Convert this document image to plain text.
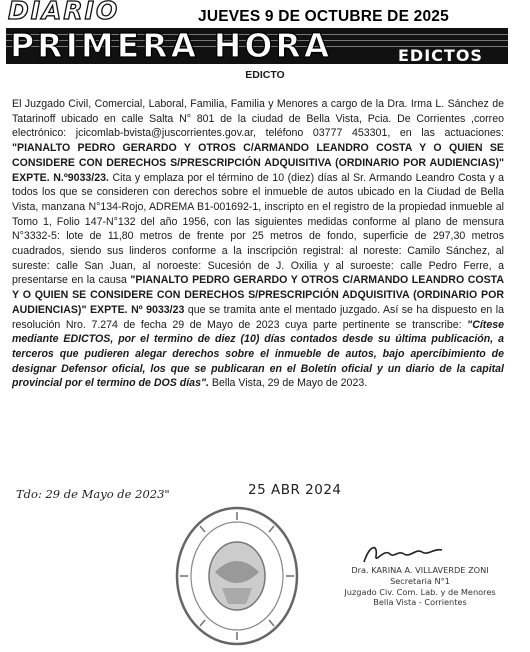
DIARIO	JUEVES 9 DE OCTUBRE DE 2025
PRIMERA HORA	EDICTOS
EDICTO
El Juzgado Civil, Comercial, Laboral, Familia, Familia y Menores a cargo de la Dra. Irma L. Sánchez de Tatarinoff ubicado en calle Salta N° 801 de la ciudad de Bella Vista, Pcia. De Corrientes ,correo electrónico: jcicomlab-bvista@juscorrientes.gov.ar, teléfono 03777 453301, en las actuaciones: "PIANALTO PEDRO GERARDO Y OTROS C/ARMANDO LEANDRO COSTA Y O QUIEN SE CONSIDERE CON DERECHOS S/PRESCRIPCIÓN ADQUISITIVA (ORDINARIO POR AUDIENCIAS)" EXPTE. N.º9033/23. Cita y emplaza por el término de 10 (diez) días al Sr. Armando Leandro Costa y a todos los que se consideren con derechos sobre el inmueble de autos ubicado en la Ciudad de Bella Vista, manzana N°134-Rojo, ADREMA B1-001692-1, inscripto en el registro de la propiedad inmueble al Tomo 1, Folio 147-N°132 del año 1956, con las siguientes medidas conforme al plano de mensura N°3332-5: lote de 11,80 metros de frente por 25 metros de fondo, superficie de 297,30 metros cuadrados, siendo sus linderos conforme a la inscripción registral: al noreste: Camilo Sánchez, al sureste: calle San Juan, al noroeste: Sucesión de J. Oxilia y al suroeste: calle Pedro Ferre, a presentarse en la causa "PIANALTO PEDRO GERARDO Y OTROS C/ARMANDO LEANDRO COSTA Y O QUIEN SE CONSIDERE CON DERECHOS S/PRESCRIPCIÓN ADQUISITIVA (ORDINARIO POR AUDIENCIAS)" EXPTE. Nº 9033/23 que se tramita ante el mentado juzgado. Así se ha dispuesto en la resolución Nro. 7.274 de fecha 29 de Mayo de 2023 cuya parte pertinente se transcribe: "Cítese mediante EDICTOS, por el termino de diez (10) días contados desde su última publicación, a terceros que pudieren alegar derechos sobre el inmueble de autos, bajo apercibimiento de designar Defensor oficial, los que se publicaran en el Boletín oficial y un diario de la capital provincial por el termino de DOS días". Bella Vista, 29 de Mayo de 2023.
Tdo: 29 de Mayo de 2023"	25 ABR 2024
Dra. KARINA A. VILLAVERDE ZONI
Secretaria N°1
Juzgado Civ. Com. Lab. y de Menores
Bella Vista - Corrientes
